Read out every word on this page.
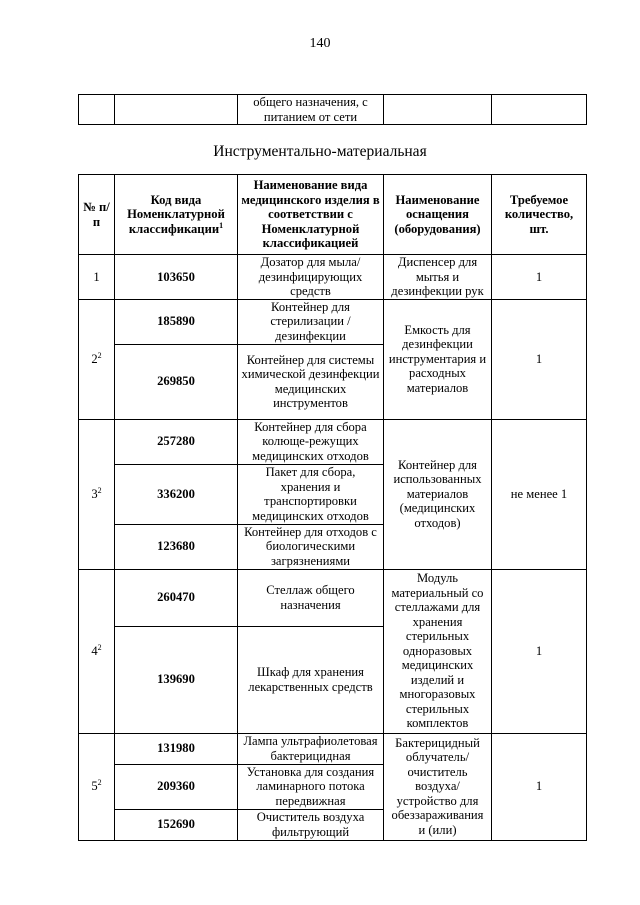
140
		общего назначения, с питанием от сети		
Инструментально-материальная
№ п/п	Код вида Номенклатурной классификации$^1$	Наименование вида медицинского изделия в соответствии с Номенклатурной классификацией	Наименование оснащения (оборудования)	Требуемое количество, шт.
1	103650	Дозатор для мыла/ дезинфицирующих средств	Диспенсер для мытья и дезинфекции рук	1
$2^2$	185890	Контейнер для стерилизации /дезинфекции	Емкость для дезинфекции инструментария и расходных материалов	1
	269850	Контейнер для системы химической дезинфекции медицинских инструментов		
$3^2$	257280	Контейнер для сбора колюще-режущих медицинских отходов	Контейнер для использованных материалов (медицинских отходов)	не менее 1
	336200	Пакет для сбора, хранения и транспортировки медицинских отходов		
	123680	Контейнер для отходов с биологическими загрязнениями		
$4^2$	260470	Стеллаж общего назначения	Модуль материальный со стеллажами для хранения стерильных одноразовых медицинских изделий и многоразовых стерильных комплектов	1
	139690	Шкаф для хранения лекарственных средств		
$5^2$	131980	Лампа ультрафиолетовая бактерицидная	Бактерицидный облучатель/ очиститель воздуха/ устройство для обеззараживания и (или)	1
	209360	Установка для создания ламинарного потока передвижная		
	152690	Очиститель воздуха фильтрующий		
